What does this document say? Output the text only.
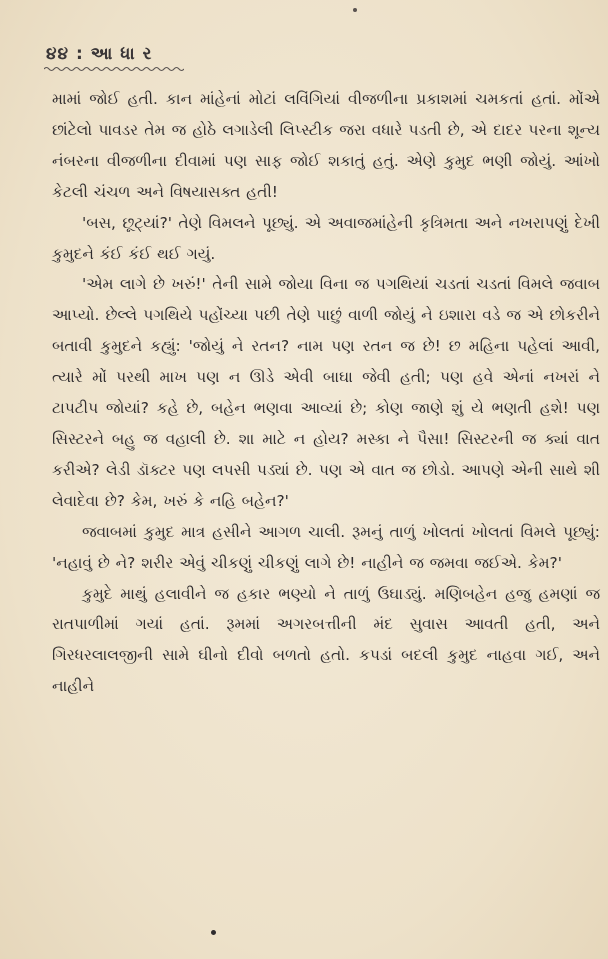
૪૪ : આ ધા ર

મામાં જોઈ હતી. કાન માંહેનાં મોટાં લવિંગિયાં વીજળીના પ્રકાશમાં ચમકતાં હતાં. મોંએ છાંટેલો પાવડર તેમ જ હોઠે લગાડેલી લિપ્સ્ટીક જરા વધારે પડતી છે, એ દાદર પરના શૂન્ય નંબરના વીજળીના દીવામાં પણ સાફ જોઈ શકાતું હતું. એણે કુમુદ ભણી જોયું. આંખો કેટલી ચંચળ અને વિષયાસક્ત હતી!

'બસ, છૂટ્યાં?' તેણે વિમલને પૂછ્યું. એ અવાજમાંહેની કૃત્રિમતા અને નખરાપણું દેખી કુમુદને કંઈ કંઈ થઈ ગયું.

'એમ લાગે છે ખરું!' તેની સામે જોયા વિના જ પગથિયાં ચડતાં ચડતાં વિમલે જવાબ આપ્યો. છેલ્લે પગથિયે પહોંચ્યા પછી તેણે પાછું વાળી જોયું ને ઇશારા વડે જ એ છોકરીને બતાવી કુમુદને કહ્યું: 'જોયું ને રતન? નામ પણ રતન જ છે! છ મહિના પહેલાં આવી, ત્યારે મોં પરથી માખ પણ ન ઊડે એવી બાઘા જેવી હતી; પણ હવે એનાં નખરાં ને ટાપટીપ જોયાં? કહે છે, બહેન ભણવા આવ્યાં છે; કોણ જાણે શું યે ભણતી હશે! પણ સિસ્ટરને બહુ જ વહાલી છે. શા માટે ન હોય? મસ્કા ને પૈસા! સિસ્ટરની જ ક્યાં વાત કરીએ? લેડી ડૉક્ટર પણ લપસી પડ્યાં છે. પણ એ વાત જ છોડો. આપણે એની સાથે શી લેવાદેવા છે? કેમ, ખરું કે નહિ બહેન?'

જવાબમાં કુમુદ માત્ર હસીને આગળ ચાલી. રૂમનું તાળું ખોલતાં ખોલતાં વિમલે પૂછ્યું: 'નહાવું છે ને? શરીર એવું ચીકણું ચીકણું લાગે છે! નાહીને જ જમવા જઈએ. કેમ?'

કુમુદે માથું હલાવીને જ હકાર ભણ્યો ને તાળું ઉઘાડ્યું. મણિબહેન હજુ હમણાં જ રાતપાળીમાં ગયાં હતાં. રૂમમાં અગરબત્તીની મંદ સુવાસ આવતી હતી, અને ગિરધરલાલજીની સામે ઘીનો દીવો બળતો હતો. કપડાં બદલી કુમુદ નાહવા ગઈ, અને નાહીને
